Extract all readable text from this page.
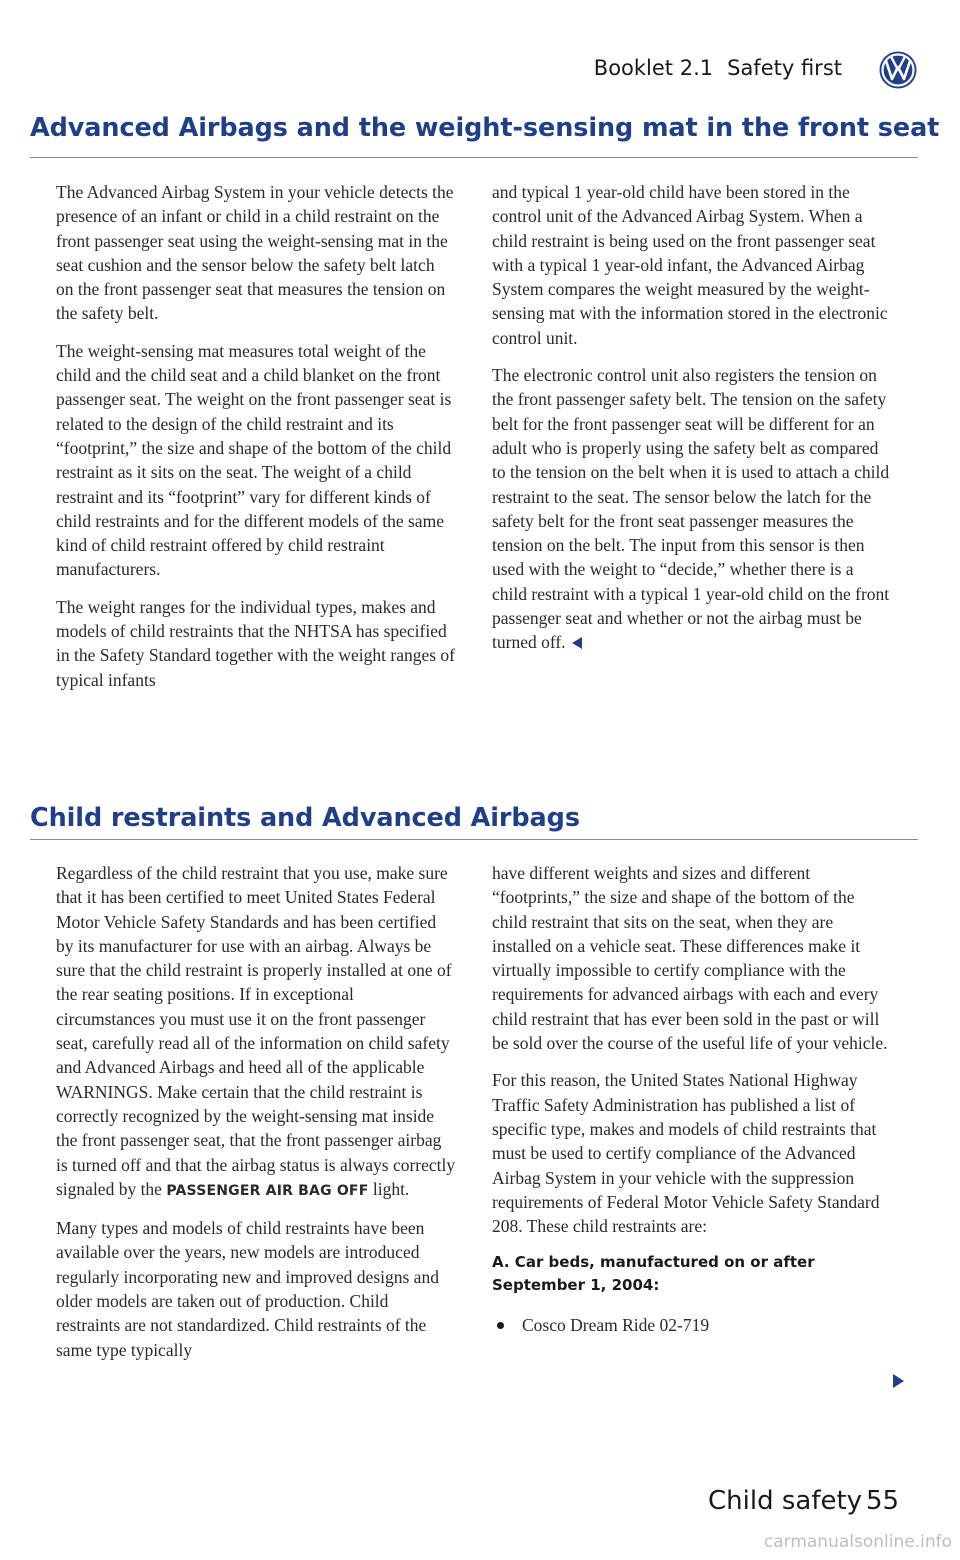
Booklet 2.1 Safety first
Advanced Airbags and the weight-sensing mat in the front seat

The Advanced Airbag System in your vehicle detects the presence of an infant or child in a child restraint on the front passenger seat using the weight-sensing mat in the seat cushion and the sensor below the safety belt latch on the front passenger seat that measures the tension on the safety belt.

The weight-sensing mat measures total weight of the child and the child seat and a child blanket on the front passenger seat. The weight on the front passenger seat is related to the design of the child restraint and its “footprint,” the size and shape of the bottom of the child restraint as it sits on the seat. The weight of a child restraint and its “footprint” vary for different kinds of child restraints and for the different models of the same kind of child restraint offered by child restraint manufacturers.

The weight ranges for the individual types, makes and models of child restraints that the NHTSA has specified in the Safety Standard together with the weight ranges of typical infants

and typical 1 year-old child have been stored in the control unit of the Advanced Airbag System. When a child restraint is being used on the front passenger seat with a typical 1 year-old infant, the Advanced Airbag System compares the weight measured by the weight-sensing mat with the information stored in the electronic control unit.

The electronic control unit also registers the tension on the front passenger safety belt. The tension on the safety belt for the front passenger seat will be different for an adult who is properly using the safety belt as compared to the tension on the belt when it is used to attach a child restraint to the seat. The sensor below the latch for the safety belt for the front seat passenger measures the tension on the belt. The input from this sensor is then used with the weight to “decide,” whether there is a child restraint with a typical 1 year-old child on the front passenger seat and whether or not the airbag must be turned off.

Child restraints and Advanced Airbags

Regardless of the child restraint that you use, make sure that it has been certified to meet United States Federal Motor Vehicle Safety Standards and has been certified by its manufacturer for use with an airbag. Always be sure that the child restraint is properly installed at one of the rear seating positions. If in exceptional circumstances you must use it on the front passenger seat, carefully read all of the information on child safety and Advanced Airbags and heed all of the applicable WARNINGS. Make certain that the child restraint is correctly recognized by the weight-sensing mat inside the front passenger seat, that the front passenger airbag is turned off and that the airbag status is always correctly signaled by the PASSENGER AIR BAG OFF light.

Many types and models of child restraints have been available over the years, new models are introduced regularly incorporating new and improved designs and older models are taken out of production. Child restraints are not standardized. Child restraints of the same type typically

have different weights and sizes and different “footprints,” the size and shape of the bottom of the child restraint that sits on the seat, when they are installed on a vehicle seat. These differences make it virtually impossible to certify compliance with the requirements for advanced airbags with each and every child restraint that has ever been sold in the past or will be sold over the course of the useful life of your vehicle.

For this reason, the United States National Highway Traffic Safety Administration has published a list of specific type, makes and models of child restraints that must be used to certify compliance of the Advanced Airbag System in your vehicle with the suppression requirements of Federal Motor Vehicle Safety Standard 208. These child restraints are:

A. Car beds, manufactured on or after September 1, 2004:
Cosco Dream Ride 02-719
Child safety 55
carmanualsonline.info
